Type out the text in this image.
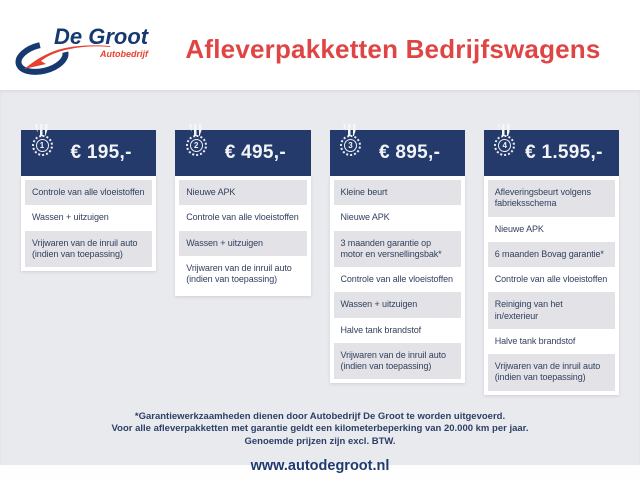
De Groot
Autobedrijf	Afleverpakketten Bedrijfswagens
1	€ 195,-
Controle van alle vloeistoffen
Wassen + uitzuigen
Vrijwaren van de inruil auto (indien van toepassing)
2	€ 495,-
Nieuwe APK
Controle van alle vloeistoffen
Wassen + uitzuigen
Vrijwaren van de inruil auto (indien van toepassing)
3	€ 895,-
Kleine beurt
Nieuwe APK
3 maanden garantie op motor en versnellingsbak*
Controle van alle vloeistoffen
Wassen + uitzuigen
Halve tank brandstof
Vrijwaren van de inruil auto (indien van toepassing)
4 € 1.595,-
Afleveringsbeurt volgens fabrieksschema
Nieuwe APK
6 maanden Bovag garantie*
Controle van alle vloeistoffen
Reiniging van het in/exterieur
Halve tank brandstof
Vrijwaren van de inruil auto (indien van toepassing)

*Garantiewerkzaamheden dienen door Autobedrijf De Groot te worden uitgevoerd.

Voor alle afleverpakketten met garantie geldt een kilometerbeperking van 20.000 km per jaar.

Genoemde prijzen zijn excl. BTW.

www.autodegroot.nl
